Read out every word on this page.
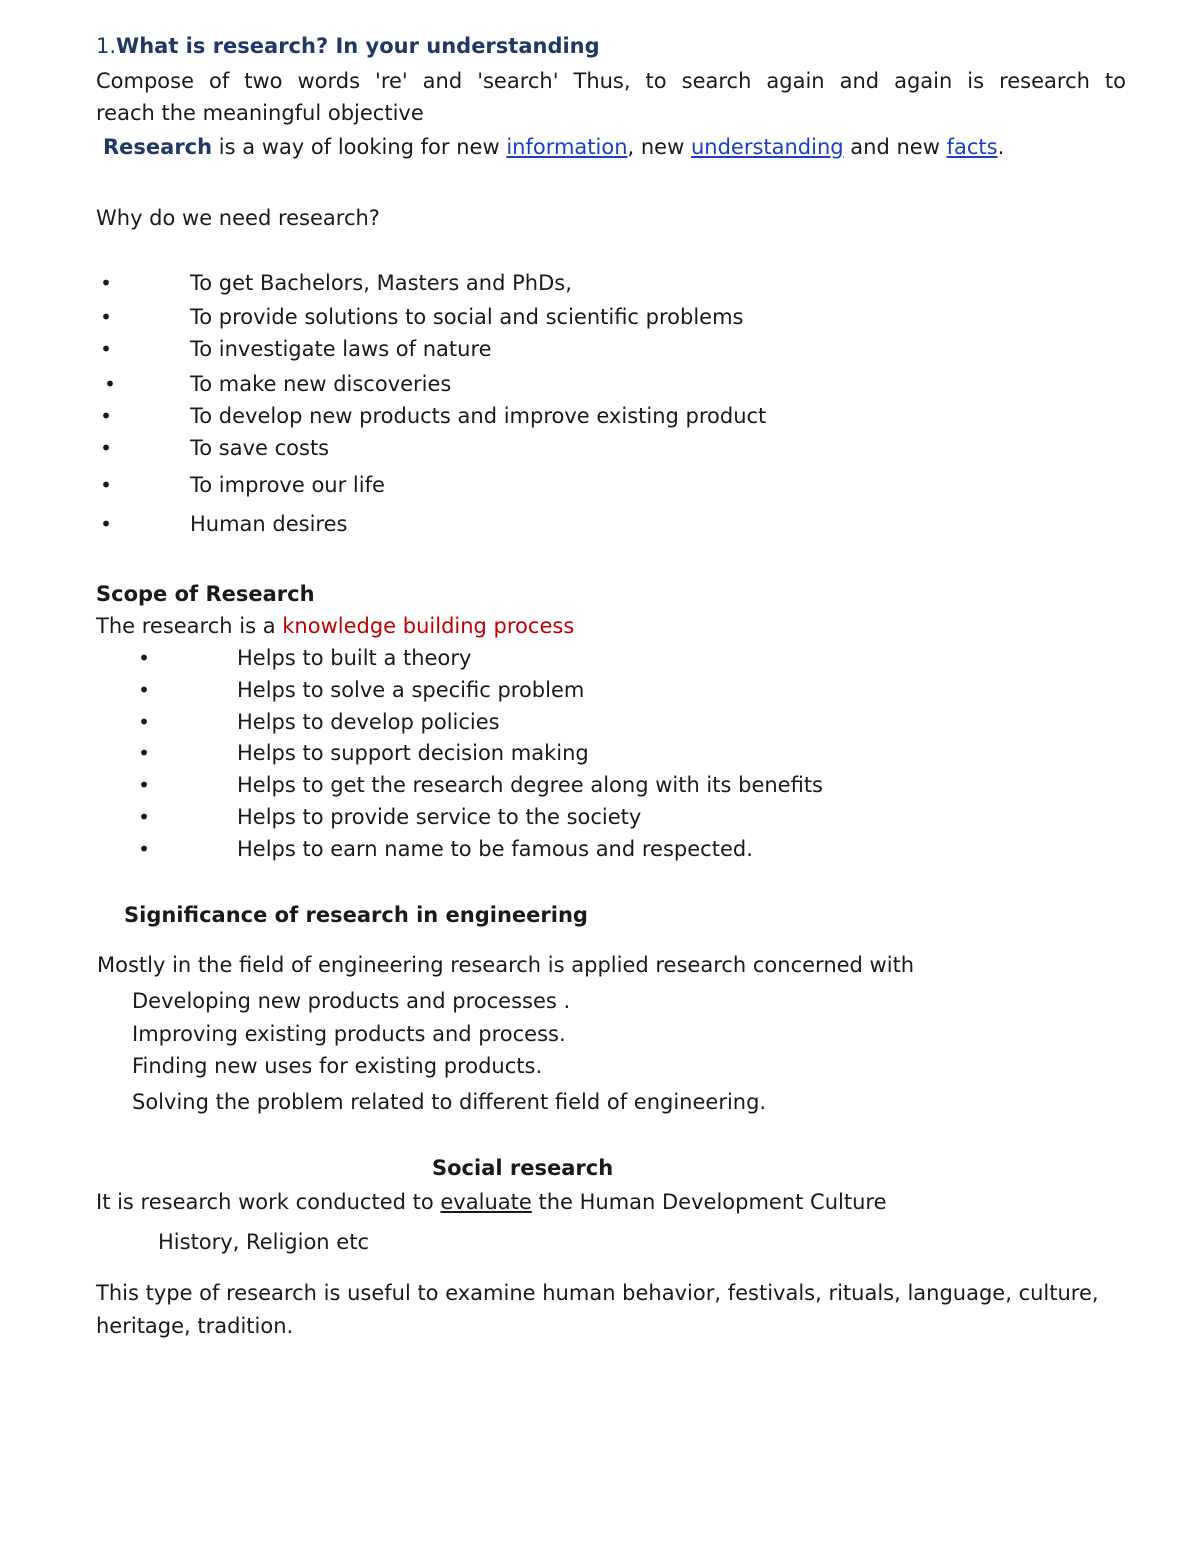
1.What is research? In your understanding
Compose of two words 're' and 'search' Thus, to search again and again is research to
reach the meaningful objective
Research is a way of looking for new information, new understanding and new facts.
Why do we need research?
•	To get Bachelors, Masters and PhDs,
•	To provide solutions to social and scientific problems
•	To investigate laws of nature
•	To make new discoveries
•	To develop new products and improve existing product
•	To save costs
•	To improve our life
•	Human desires
Scope of Research
The research is a knowledge building process
•	Helps to built a theory
•	Helps to solve a specific problem
•	Helps to develop policies
•	Helps to support decision making
•	Helps to get the research degree along with its benefits
•	Helps to provide service to the society
•	Helps to earn name to be famous and respected.
Significance of research in engineering
Mostly in the field of engineering research is applied research concerned with
Developing new products and processes .
Improving existing products and process.
Finding new uses for existing products.
Solving the problem related to different field of engineering.
Social research
It is research work conducted to evaluate the Human Development Culture
History, Religion etc
This type of research is useful to examine human behavior, festivals, rituals, language, culture,
heritage, tradition.
